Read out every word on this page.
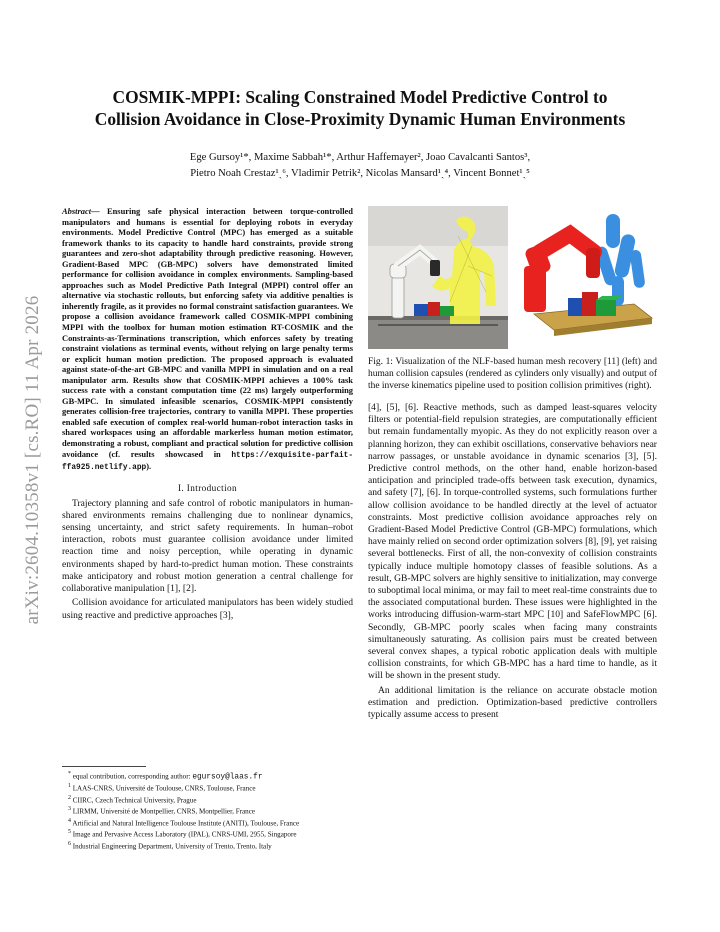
arXiv:2604.10358v1 [cs.RO] 11 Apr 2026
COSMIK-MPPI: Scaling Constrained Model Predictive Control to
Collision Avoidance in Close-Proximity Dynamic Human Environments
Ege Gursoy¹*, Maxime Sabbah¹*, Arthur Haffemayer², Joao Cavalcanti Santos³,
Pietro Noah Crestaz¹ˎ⁶, Vladimir Petrik², Nicolas Mansard¹ˎ⁴, Vincent Bonnet¹ˎ⁵

Abstract— Ensuring safe physical interaction between torque-controlled manipulators and humans is essential for deploying robots in everyday environments. Model Predictive Control (MPC) has emerged as a suitable framework thanks to its capacity to handle hard constraints, provide strong guarantees and zero-shot adaptability through predictive reasoning. However, Gradient-Based MPC (GB-MPC) solvers have demonstrated limited performance for collision avoidance in complex environments. Sampling-based approaches such as Model Predictive Path Integral (MPPI) control offer an alternative via stochastic rollouts, but enforcing safety via additive penalties is inherently fragile, as it provides no formal constraint satisfaction guarantees. We propose a collision avoidance framework called COSMIK-MPPI combining MPPI with the toolbox for human motion estimation RT-COSMIK and the Constraints-as-Terminations transcription, which enforces safety by treating constraint violations as terminal events, without relying on large penalty terms or explicit human motion prediction. The proposed approach is evaluated against state-of-the-art GB-MPC and vanilla MPPI in simulation and on a real manipulator arm. Results show that COSMIK-MPPI achieves a 100% task success rate with a constant computation time (22 ms) largely outperforming GB-MPC. In simulated infeasible scenarios, COSMIK-MPPI consistently generates collision-free trajectories, contrary to vanilla MPPI. These properties enabled safe execution of complex real-world human-robot interaction tasks in shared workspaces using an affordable markerless human motion estimator, demonstrating a robust, compliant and practical solution for predictive collision avoidance (cf. results showcased in https://exquisite-parfait-ffa925.netlify.app).

I. Introduction

Trajectory planning and safe control of robotic manipulators in human-shared environments remains challenging due to nonlinear dynamics, sensing uncertainty, and strict safety requirements. In human–robot interaction, robots must guarantee collision avoidance under limited reaction time and noisy perception, while operating in dynamic environments shaped by hard-to-predict human motion. These constraints make anticipatory and robust motion generation a central challenge for collaborative manipulation [1], [2].

Collision avoidance for articulated manipulators has been widely studied using reactive and predictive approaches [3],

* equal contribution, corresponding author: egursoy@laas.fr

$^1$ LAAS-CNRS, Université de Toulouse, CNRS, Toulouse, France

$^2$ CIIRC, Czech Technical University, Prague

$^3$ LIRMM, Université de Montpellier, CNRS, Montpellier, France

$^4$ Artificial and Natural Intelligence Toulouse Institute (ANITI), Toulouse, France

$^5$ Image and Pervasive Access Laboratory (IPAL), CNRS-UMI, 2955, Singapore

$^6$ Industrial Engineering Department, University of Trento, Trento, Italy

Fig. 1: Visualization of the NLF-based human mesh recovery [11] (left) and human collision capsules (rendered as cylinders only visually) and output of the inverse kinematics pipeline used to position collision primitives (right).

[4], [5], [6]. Reactive methods, such as damped least-squares velocity filters or potential-field repulsion strategies, are computationally efficient but remain fundamentally myopic. As they do not explicitly reason over a planning horizon, they can exhibit oscillations, conservative behaviors near narrow passages, or unstable avoidance in dynamic scenarios [3], [5]. Predictive control methods, on the other hand, enable horizon-based anticipation and principled trade-offs between task execution, dynamics, and safety [7], [6]. In torque-controlled systems, such formulations further allow collision avoidance to be handled directly at the level of actuator constraints. Most predictive collision avoidance approaches rely on Gradient-Based Model Predictive Control (GB-MPC) formulations, which have mainly relied on second order optimization solvers [8], [9], yet raising several bottlenecks. First of all, the non-convexity of collision constraints typically induce multiple homotopy classes of feasible solutions. As a result, GB-MPC solvers are highly sensitive to initialization, may converge to suboptimal local minima, or may fail to meet real-time constraints due to the associated computational burden. These issues were highlighted in the works introducing diffusion-warm-start MPC [10] and SafeFlowMPC [6]. Secondly, GB-MPC poorly scales when facing many constraints simultaneously saturating. As collision pairs must be created between several convex shapes, a typical robotic application deals with multiple collision constraints, for which GB-MPC has a hard time to handle, as it will be shown in the present study.

An additional limitation is the reliance on accurate obstacle motion estimation and prediction. Optimization-based predictive controllers typically assume access to present
